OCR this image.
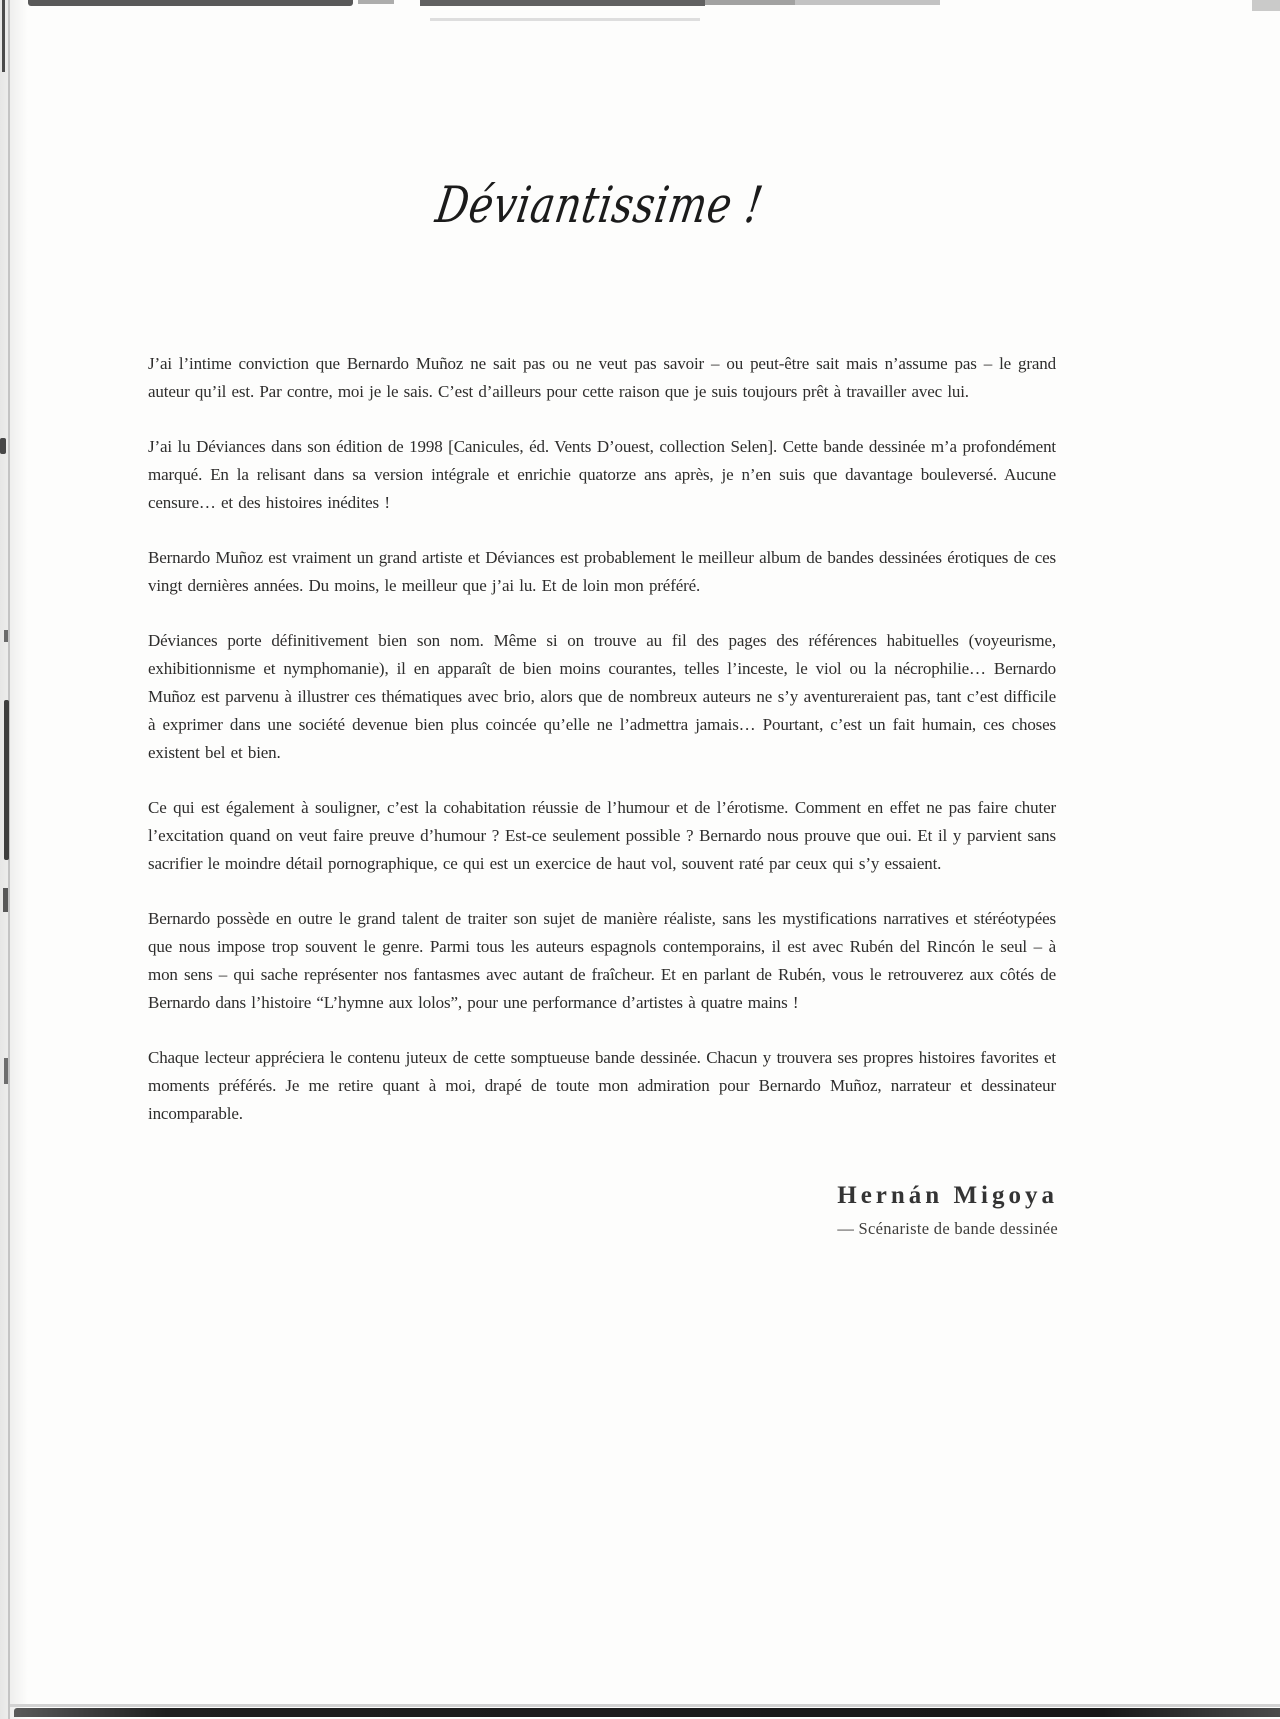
Déviantissime !

J’ai l’intime conviction que Bernardo Muñoz ne sait pas ou ne veut pas savoir – ou peut-être sait mais n’assume pas – le grand auteur qu’il est. Par contre, moi je le sais. C’est d’ailleurs pour cette raison que je suis toujours prêt à travailler avec lui.

J’ai lu Déviances dans son édition de 1998 [Canicules, éd. Vents D’ouest, collection Selen]. Cette bande dessinée m’a profondément marqué. En la relisant dans sa version intégrale et enrichie quatorze ans après, je n’en suis que davantage bouleversé. Aucune censure… et des histoires inédites !

Bernardo Muñoz est vraiment un grand artiste et Déviances est probablement le meilleur album de bandes dessinées érotiques de ces vingt dernières années. Du moins, le meilleur que j’ai lu. Et de loin mon préféré.

Déviances porte définitivement bien son nom. Même si on trouve au fil des pages des références habituelles (voyeurisme, exhibitionnisme et nymphomanie), il en apparaît de bien moins courantes, telles l’inceste, le viol ou la nécrophilie… Bernardo Muñoz est parvenu à illustrer ces thématiques avec brio, alors que de nombreux auteurs ne s’y aventureraient pas, tant c’est difficile à exprimer dans une société devenue bien plus coincée qu’elle ne l’admettra jamais… Pourtant, c’est un fait humain, ces choses existent bel et bien.

Ce qui est également à souligner, c’est la cohabitation réussie de l’humour et de l’érotisme. Comment en effet ne pas faire chuter l’excitation quand on veut faire preuve d’humour ? Est-ce seulement possible ? Bernardo nous prouve que oui. Et il y parvient sans sacrifier le moindre détail pornographique, ce qui est un exercice de haut vol, souvent raté par ceux qui s’y essaient.

Bernardo possède en outre le grand talent de traiter son sujet de manière réaliste, sans les mystifications narratives et stéréotypées que nous impose trop souvent le genre. Parmi tous les auteurs espagnols contemporains, il est avec Rubén del Rincón le seul – à mon sens – qui sache représenter nos fantasmes avec autant de fraîcheur. Et en parlant de Rubén, vous le retrouverez aux côtés de Bernardo dans l’histoire “L’hymne aux lolos”, pour une performance d’artistes à quatre mains !

Chaque lecteur appréciera le contenu juteux de cette somptueuse bande dessinée. Chacun y trouvera ses propres histoires favorites et moments préférés. Je me retire quant à moi, drapé de toute mon admiration pour Bernardo Muñoz, narrateur et dessinateur incomparable.

Hernán Migoya
— Scénariste de bande dessinée
